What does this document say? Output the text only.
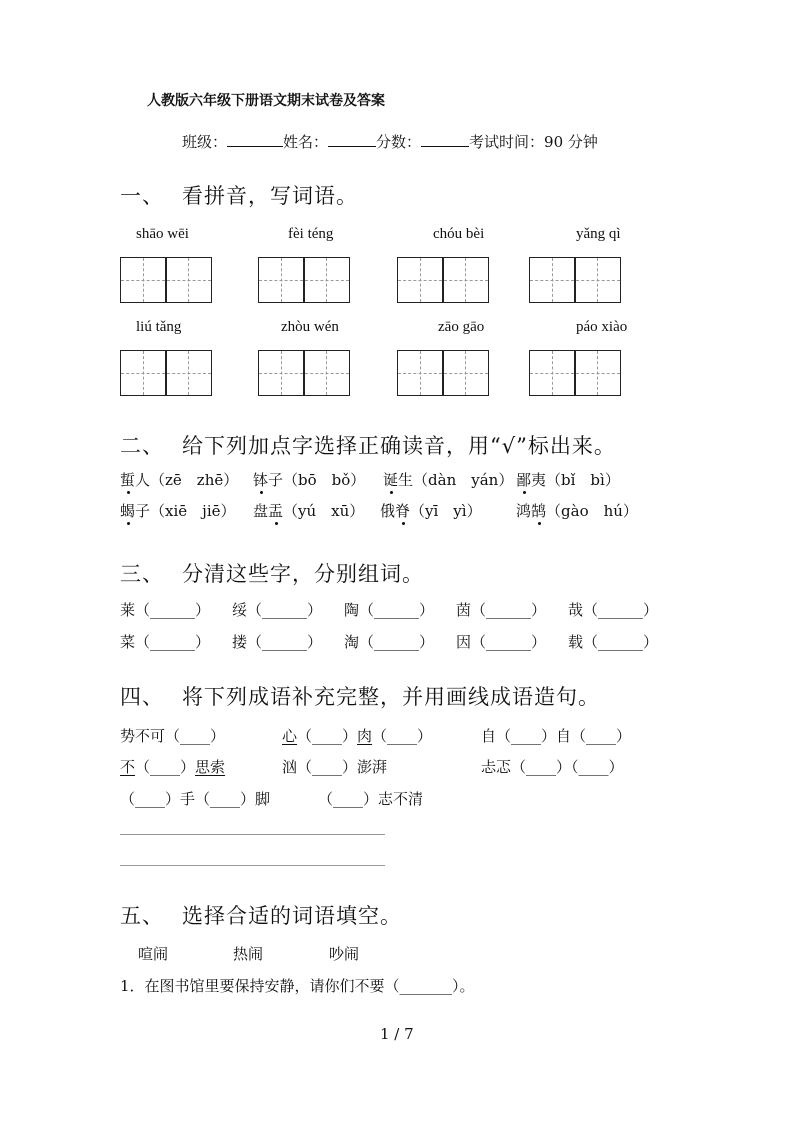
人教版六年级下册语文期末试卷及答案
班级：	姓名：	分数：	考试时间：90 分钟
一、 看拼音，写词语。
shāo wēi	fèi téng	chóu bèi	yǎng qì
liú tǎng	zhòu wén	zāo gāo	páo xiào
二、 给下列加点字选择正确读音，用“√”标出来。
蜇人（zē　zhē） 钵子（bō　bǒ） 诞生（dàn　yán） 鄙夷（bǐ　bì）
蝎子（xiē　jiē） 盘盂（yú　xū） 俄脊（yī　yì） 鸿鹄（gào　hú）
三、 分清这些字，分别组词。
莱（______） 绥（______） 陶（______） 茵（______） 哉（______）
菜（______） 搂（______） 淘（______） 因（______） 载（______）
四、 将下列成语补充完整，并用画线成语造句。
势不可（____）	心（____）肉（____）	自（____）自（____）
不（____）思索	汹（____）澎湃	忐忑（____）（____）
（____）手（____）脚	（____）志不清
五、 选择合适的词语填空。
喧闹	热闹	吵闹
1．在图书馆里要保持安静，请你们不要（_______）。
1 / 7
